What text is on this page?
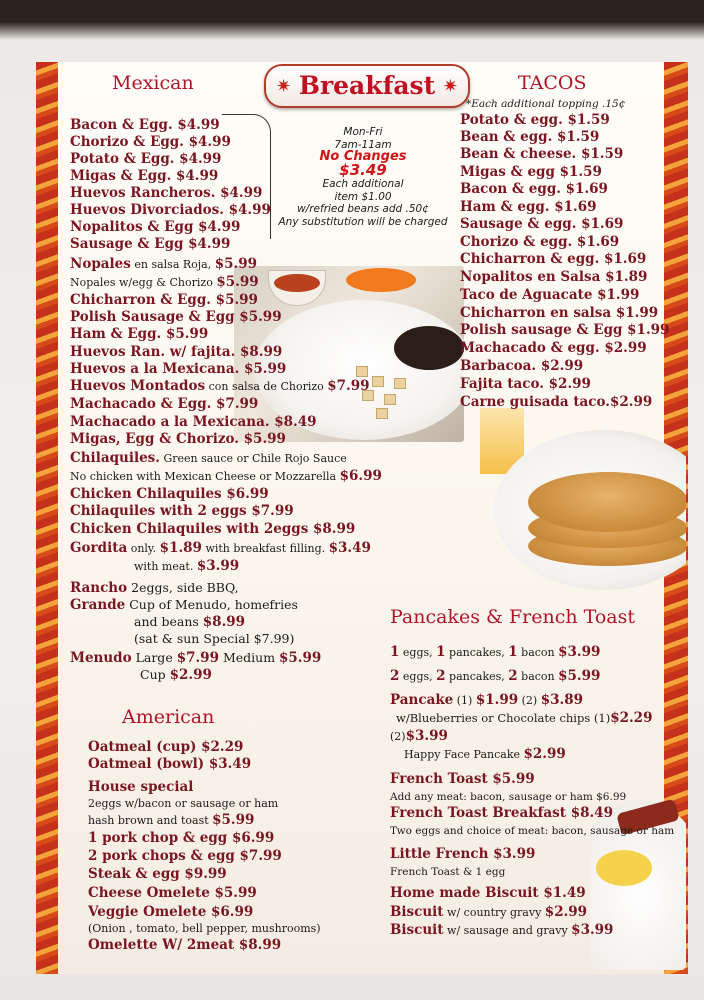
✷ Breakfast ✷
Mexican	TACOS
*Each additional topping .15¢
Mon-Fri
7am-11am
No Changes
$3.49
Each additional
item $1.00
w/refried beans add .50¢
Any substitution will be charged
Bacon & Egg. $4.99
Chorizo & Egg. $4.99
Potato & Egg. $4.99
Migas & Egg. $4.99
Huevos Rancheros. $4.99
Huevos Divorciados. $4.99
Nopalitos & Egg $4.99
Sausage & Egg $4.99
Nopales en salsa Roja, $5.99
Nopales w/egg & Chorizo $5.99
Chicharron & Egg. $5.99
Polish Sausage & Egg $5.99
Ham & Egg. $5.99
Huevos Ran. w/ fajita. $8.99
Huevos a la Mexicana. $5.99
Huevos Montados con salsa de Chorizo $7.99
Machacado & Egg. $7.99
Machacado a la Mexicana. $8.49
Migas, Egg & Chorizo. $5.99
Chilaquiles. Green sauce or Chile Rojo Sauce
No chicken with Mexican Cheese or Mozzarella $6.99
Chicken Chilaquiles $6.99
Chilaquiles with 2 eggs $7.99
Chicken Chilaquiles with 2eggs $8.99
Gordita only. $1.89 with breakfast filling. $3.49
with meat. $3.99
Rancho 2eggs, side BBQ,
Grande Cup of Menudo, homefries
and beans $8.99
(sat & sun Special $7.99)
Menudo Large $7.99 Medium $5.99
Cup $2.99
American
Oatmeal (cup) $2.29
Oatmeal (bowl) $3.49
House special
2eggs w/bacon or sausage or ham
hash brown and toast $5.99
1 pork chop & egg $6.99
2 pork chops & egg $7.99
Steak & egg $9.99
Cheese Omelete $5.99
Veggie Omelete $6.99
(Onion , tomato, bell pepper, mushrooms)
Omelette W/ 2meat $8.99
Potato & egg. $1.59
Bean & egg. $1.59
Bean & cheese. $1.59
Migas & egg $1.59
Bacon & egg. $1.69
Ham & egg. $1.69
Sausage & egg. $1.69
Chorizo & egg. $1.69
Chicharron & egg. $1.69
Nopalitos en Salsa $1.89
Taco de Aguacate $1.99
Chicharron en salsa $1.99
Polish sausage & Egg $1.99
Machacado & egg. $2.99
Barbacoa. $2.99
Fajita taco. $2.99
Carne guisada taco.$2.99
Pancakes & French Toast
1 eggs, 1 pancakes, 1 bacon $3.99
2 eggs, 2 pancakes, 2 bacon $5.99
Pancake (1) $1.99 (2) $3.89
w/Blueberries or Chocolate chips (1)$2.29
(2)$3.99
Happy Face Pancake $2.99
French Toast $5.99
Add any meat: bacon, sausage or ham $6.99
French Toast Breakfast $8.49
Two eggs and choice of meat: bacon, sausage or ham
Little French $3.99
French Toast & 1 egg
Home made Biscuit $1.49
Biscuit w/ country gravy $2.99
Biscuit w/ sausage and gravy $3.99
